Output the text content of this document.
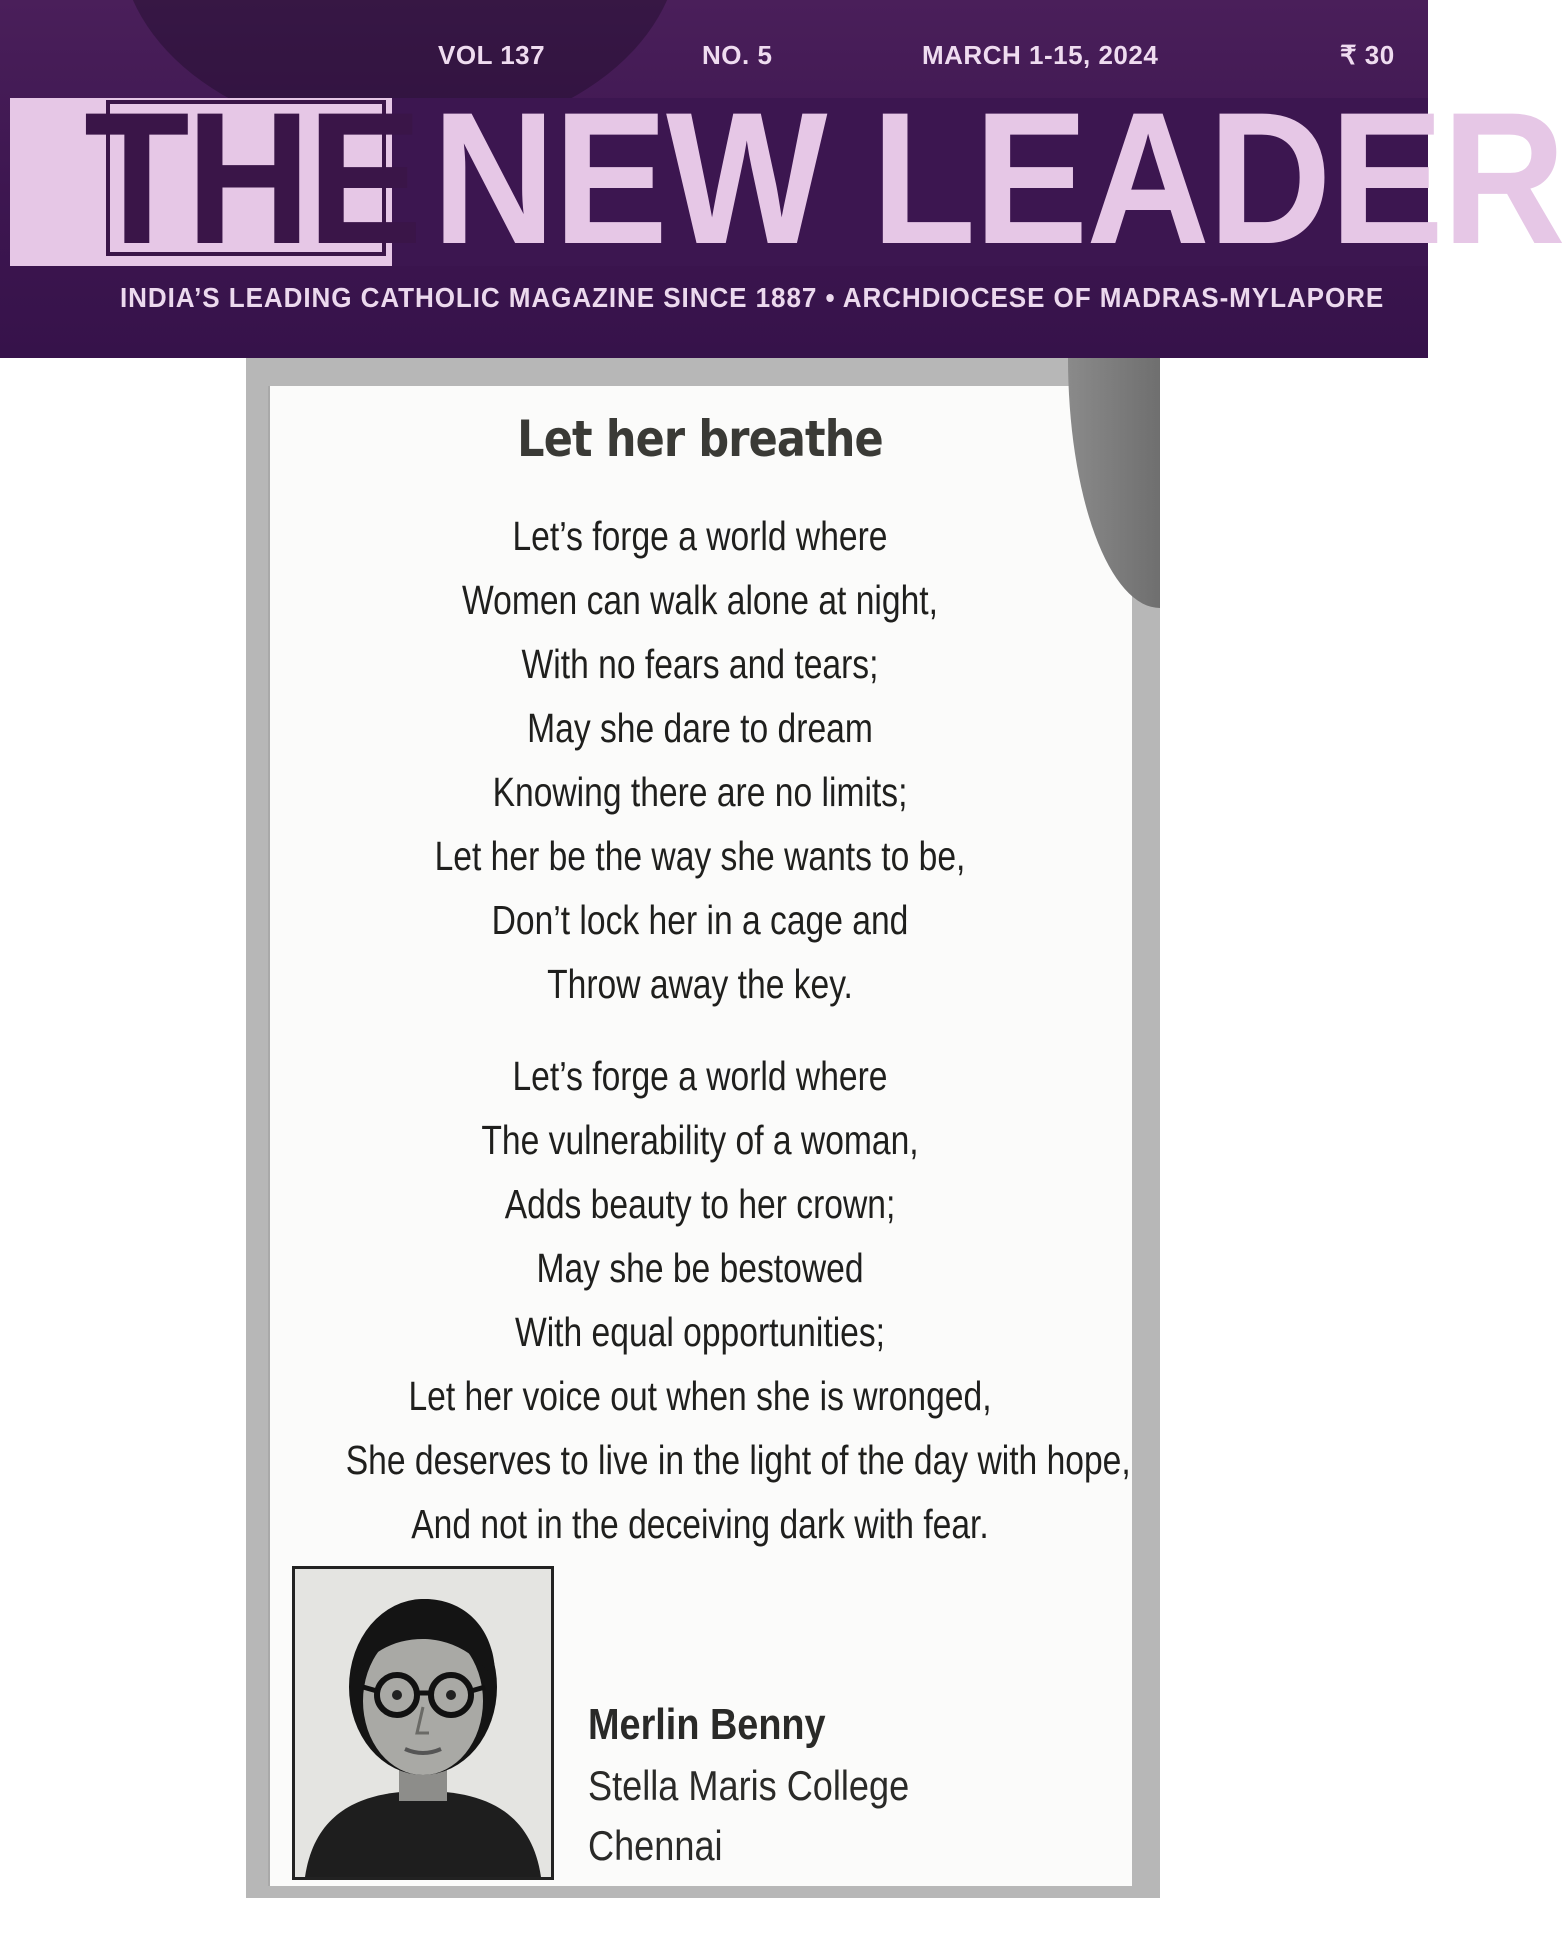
THE NEW LEADER
VOL 137	NO. 5	MARCH 1-15, 2024	₹ 30
INDIA’S LEADING CATHOLIC MAGAZINE SINCE 1887 • ARCHDIOCESE OF MADRAS-MYLAPORE
Let her breathe
Let’s forge a world where
Women can walk alone at night,
With no fears and tears;
May she dare to dream
Knowing there are no limits;
Let her be the way she wants to be,
Don’t lock her in a cage and
Throw away the key.
Let’s forge a world where
The vulnerability of a woman,
Adds beauty to her crown;
May she be bestowed
With equal opportunities;
Let her voice out when she is wronged,
She deserves to live in the light of the day with hope,
And not in the deceiving dark with fear.
Merlin Benny
Stella Maris College
Chennai
